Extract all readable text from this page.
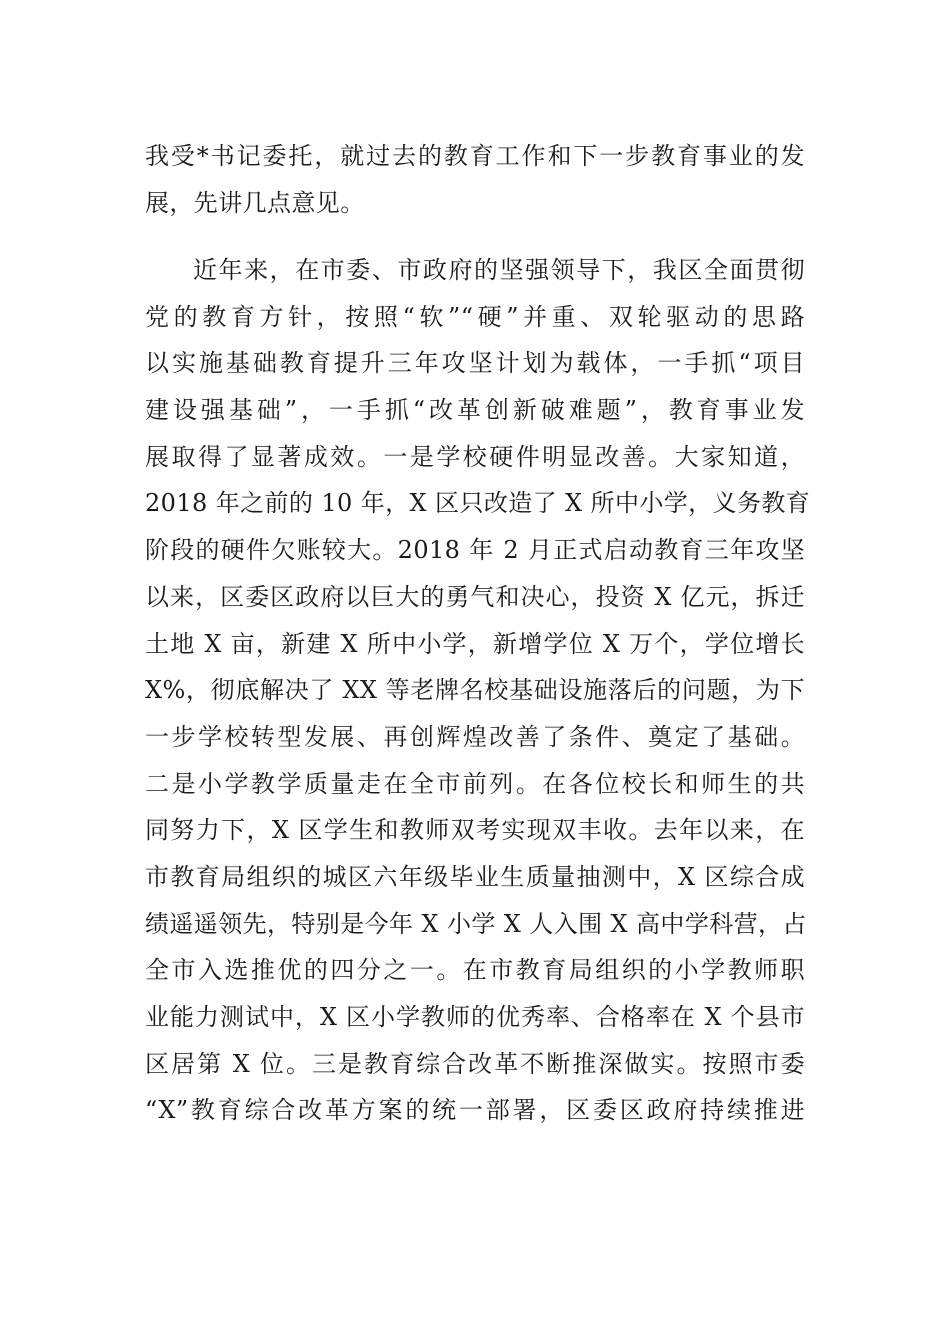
我受*书记委托，就过去的教育工作和下一步教育事业的发
展，先讲几点意见。
近年来，在市委、市政府的坚强领导下，我区全面贯彻
党的教育方针，按照“软”“硬”并重、双轮驱动的思路
以实施基础教育提升三年攻坚计划为载体，一手抓“项目
建设强基础”，一手抓“改革创新破难题”，教育事业发
展取得了显著成效。一是学校硬件明显改善。大家知道，
2018 年之前的 10 年，X 区只改造了 X 所中小学，义务教育
阶段的硬件欠账较大。2018 年 2 月正式启动教育三年攻坚
以来，区委区政府以巨大的勇气和决心，投资 X 亿元，拆迁
土地 X 亩，新建 X 所中小学，新增学位 X 万个，学位增长
X%，彻底解决了 XX 等老牌名校基础设施落后的问题，为下
一步学校转型发展、再创辉煌改善了条件、奠定了基础。
二是小学教学质量走在全市前列。在各位校长和师生的共
同努力下，X 区学生和教师双考实现双丰收。去年以来，在
市教育局组织的城区六年级毕业生质量抽测中，X 区综合成
绩遥遥领先，特别是今年 X 小学 X 人入围 X 高中学科营，占
全市入选推优的四分之一。在市教育局组织的小学教师职
业能力测试中，X 区小学教师的优秀率、合格率在 X 个县市
区居第 X 位。三是教育综合改革不断推深做实。按照市委
“X”教育综合改革方案的统一部署，区委区政府持续推进
